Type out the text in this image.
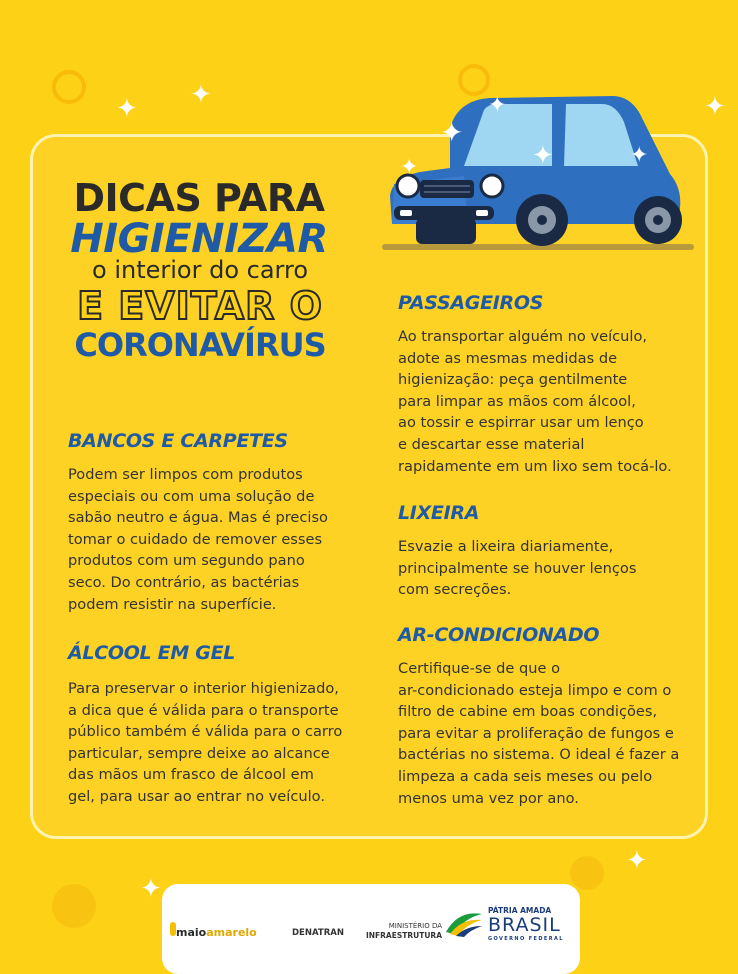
✦ ✦	✦
✦
✦
DICAS PARA
HIGIENIZAR
o interior do carro
E EVITAR O
CORONAVÍRUS
✦
✦	✦
✦
✦
BANCOS E CARPETES
Podem ser limpos com produtos
especiais ou com uma solução de
sabão neutro e água. Mas é preciso
tomar o cuidado de remover esses
produtos com um segundo pano
seco. Do contrário, as bactérias
podem resistir na superfície.
ÁLCOOL EM GEL
Para preservar o interior higienizado,
a dica que é válida para o transporte
público também é válida para o carro
particular, sempre deixe ao alcance
das mãos um frasco de álcool em
gel, para usar ao entrar no veículo.
PASSAGEIROS
Ao transportar alguém no veículo,
adote as mesmas medidas de
higienização: peça gentilmente
para limpar as mãos com álcool,
ao tossir e espirrar usar um lenço
e descartar esse material
rapidamente em um lixo sem tocá-lo.
LIXEIRA
Esvazie a lixeira diariamente,
principalmente se houver lenços
com secreções.
AR-CONDICIONADO
Certifique-se de que o
ar-condicionado esteja limpo e com o
filtro de cabine em boas condições,
para evitar a proliferação de fungos e
bactérias no sistema. O ideal é fazer a
limpeza a cada seis meses ou pelo
menos uma vez por ano.
maioamarelo	DENATRAN
MINISTÉRIO DA
INFRAESTRUTURA
PÁTRIA AMADA
BRASIL
GOVERNO FEDERAL
